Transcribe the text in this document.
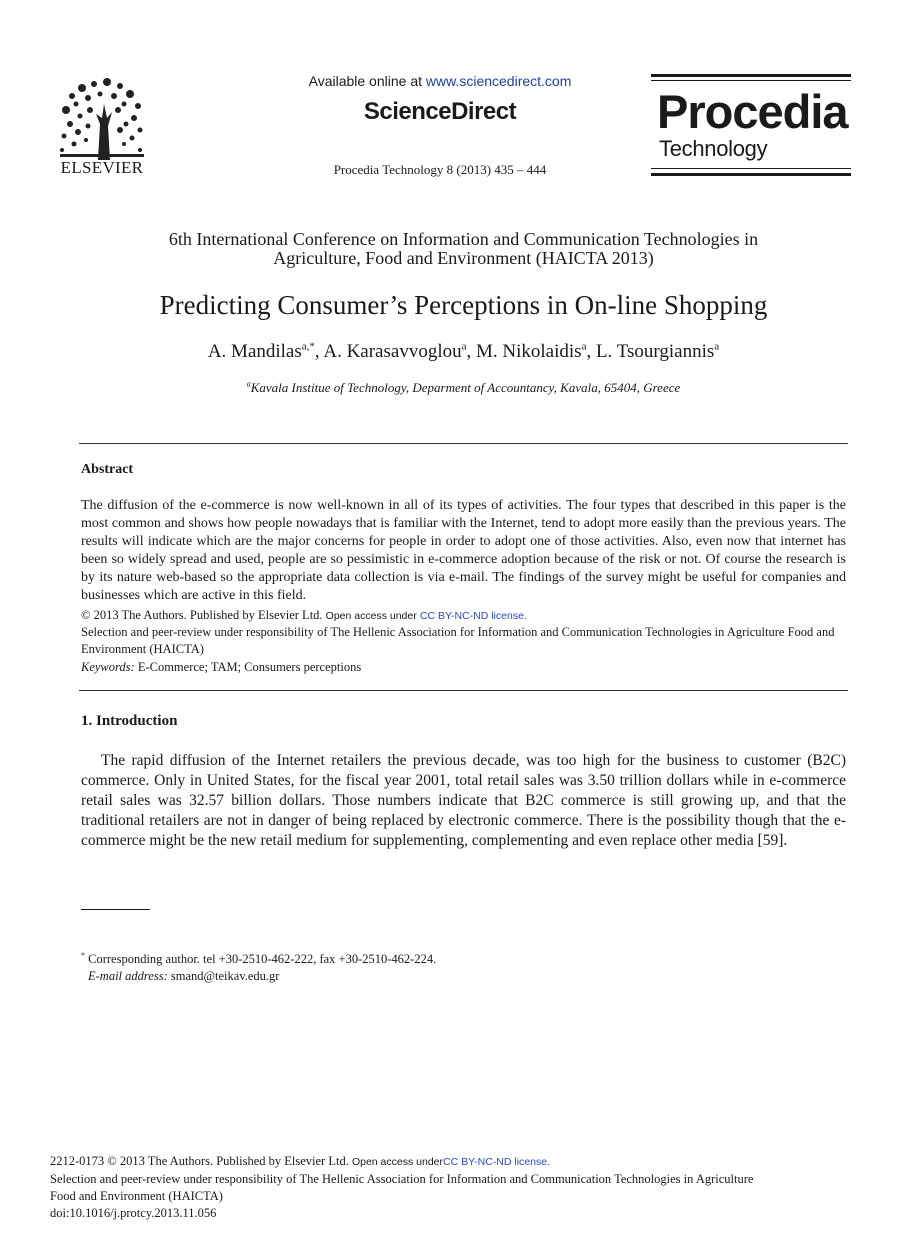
ELSEVIER
Available online at www.sciencedirect.com
ScienceDirect
Procedia Technology 8 (2013) 435 – 444
Procedia
Technology
6th International Conference on Information and Communication Technologies in
Agriculture, Food and Environment (HAICTA 2013)
Predicting Consumer’s Perceptions in On-line Shopping
A. Mandilas$^{a,*}$, A. Karasavvoglou$^a$, M. Nikolaidis$^a$, L. Tsourgiannis$^a$
$^a$Kavala Institue of Technology, Deparment of Accountancy, Kavala, 65404, Greece
Abstract
The diffusion of the e-commerce is now well-known in all of its types of activities. The four types that described in this paper is the most common and shows how people nowadays that is familiar with the Internet, tend to adopt more easily than the previous years. The results will indicate which are the major concerns for people in order to adopt one of those activities. Also, even now that internet has been so widely spread and used, people are so pessimistic in e-commerce adoption because of the risk or not. Of course the research is by its nature web-based so the appropriate data collection is via e-mail. The findings of the survey might be useful for companies and businesses which are active in this field.
© 2013 The Authors. Published by Elsevier Ltd. Open access under CC BY-NC-ND license.
Selection and peer-review under responsibility of The Hellenic Association for Information and Communication Technologies in Agriculture Food and Environment (HAICTA)
Keywords: E-Commerce; TAM; Consumers perceptions
1. Introduction
The rapid diffusion of the Internet retailers the previous decade, was too high for the business to customer (B2C) commerce. Only in United States, for the fiscal year 2001, total retail sales was 3.50 trillion dollars while in e-commerce retail sales was 32.57 billion dollars. Those numbers indicate that B2C commerce is still growing up, and that the traditional retailers are not in danger of being replaced by electronic commerce. There is the possibility though that the e-commerce might be the new retail medium for supplementing, complementing and even replace other media [59].
* Corresponding author. tel +30-2510-462-222, fax +30-2510-462-224.
E-mail address: smand@teikav.edu.gr
2212-0173 © 2013 The Authors. Published by Elsevier Ltd. Open access underCC BY-NC-ND license.
Selection and peer-review under responsibility of The Hellenic Association for Information and Communication Technologies in Agriculture
Food and Environment (HAICTA)
doi:10.1016/j.protcy.2013.11.056
